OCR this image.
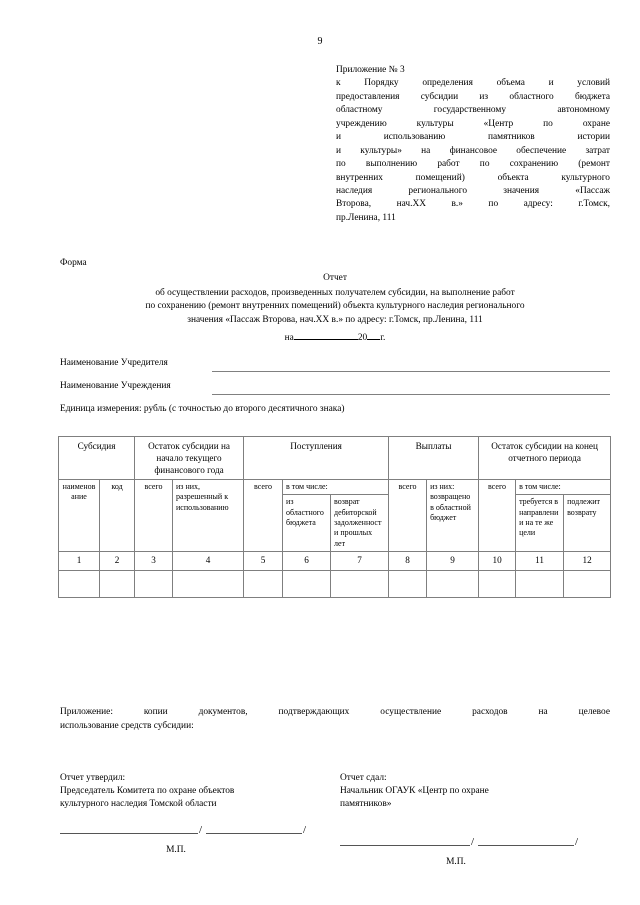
9
Приложение № 3
к Порядку определения объема и условий
предоставления субсидии из областного бюджета
областному государственному автономному
учреждению культуры «Центр по охране
и использованию памятников истории
и культуры» на финансовое обеспечение затрат
по выполнению работ по сохранению (ремонт
внутренних помещений) объекта культурного
наследия регионального значения «Пассаж
Второва, нач.XX в.» по адресу: г.Томск,
пр.Ленина, 111
Форма
Отчет
об осуществлении расходов, произведенных получателем субсидии, на выполнение работ
по сохранению (ремонт внутренних помещений) объекта культурного наследия регионального
значения «Пассаж Второва, нач.XX в.» по адресу: г.Томск, пр.Ленина, 111
на	20 г.
Наименование Учредителя
Наименование Учреждения
Единица измерения: рубль (с точностью до второго десятичного знака)
Субсидия		Остаток субсидии на начало текущего финансового года		Поступления			Выплаты		Остаток субсидии на конец отчетного периода		
наименование	код	всего	из них, разрешенный к использованию	всего	в том числе:		всего	из них: возвращено в областной бюджет	всего	в том числе:	
					из областного бюджета	возврат дебиторской задолженности прошлых лет				требуется в направлении на те же цели	подлежит возврату
1	2	3	4	5	6	7	8	9	10	11	12

Приложение: копии документов, подтверждающих осуществление расходов на целевое
использование средств субсидии:
Отчет утвердил:
Председатель Комитета по охране объектов
культурного наследия Томской области
/	/
М.П.
Отчет сдал:
Начальник ОГАУК «Центр по охране
памятников»
/	/
М.П.
